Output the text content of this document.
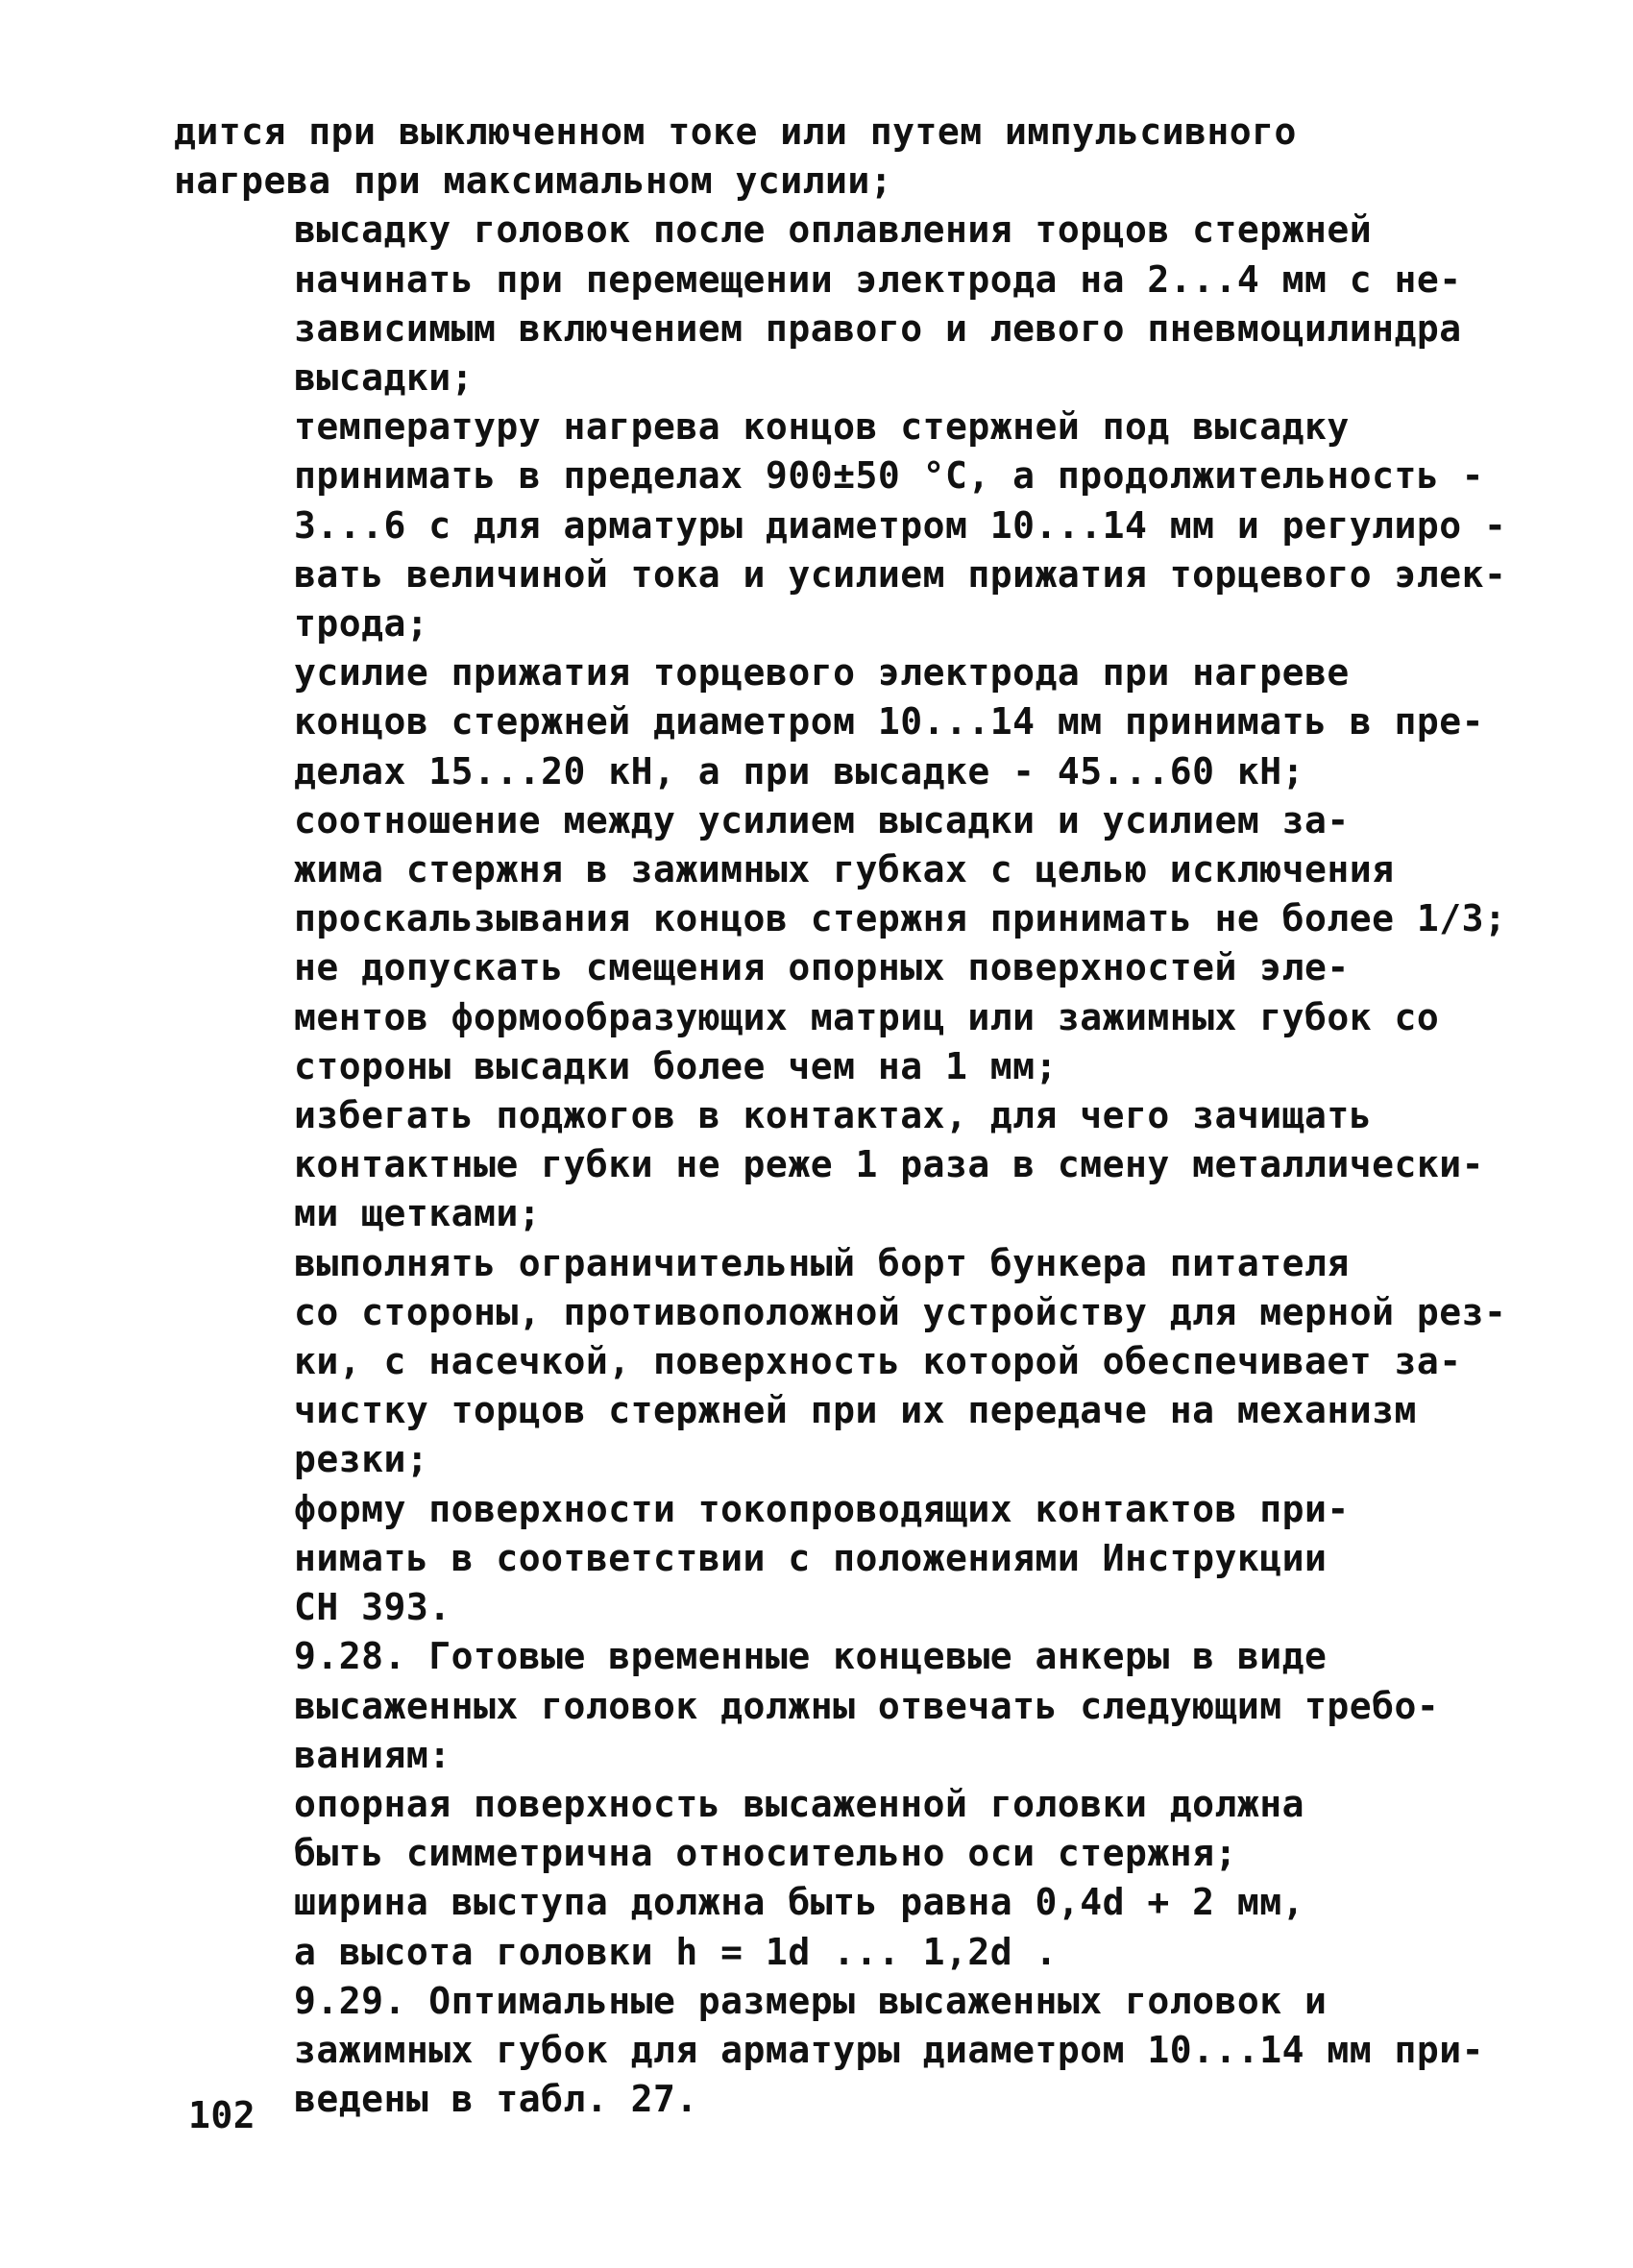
дится при выключенном токе или путем импульсивного
нагрева при максимальном усилии;

высадку головок после оплавления торцов стержней
начинать при перемещении электрода на 2...4 мм с не-
зависимым включением правого и левого пневмоцилиндра
высадки;

температуру нагрева концов стержней под высадку
принимать в пределах 900±50 °С, а продолжительность -
3...6 с для арматуры диаметром 10...14 мм и регулиро -
вать величиной тока и усилием прижатия торцевого элек-
трода;

усилие прижатия торцевого электрода при нагреве
концов стержней диаметром 10...14 мм принимать в пре-
делах 15...20 кН, а при высадке - 45...60 кН;

соотношение между усилием высадки и усилием за-
жима стержня в зажимных губках с целью исключения
проскальзывания концов стержня принимать не более 1/3;

не допускать смещения опорных поверхностей эле-
ментов формообразующих матриц или зажимных губок со
стороны высадки более чем на 1 мм;

избегать поджогов в контактах, для чего зачищать
контактные губки не реже 1 раза в смену металлически-
ми щетками;

выполнять ограничительный борт бункера питателя
со стороны, противоположной устройству для мерной рез-
ки, с насечкой, поверхность которой обеспечивает за-
чистку торцов стержней при их передаче на механизм
резки;

форму поверхности токопроводящих контактов при-
нимать в соответствии с положениями Инструкции
СН 393.

9.28. Готовые временные концевые анкеры в виде
высаженных головок должны отвечать следующим требо-
ваниям:

опорная поверхность высаженной головки должна
быть симметрична относительно оси стержня;

ширина выступа должна быть равна 0,4d + 2 мм,
а высота головки h = 1d ... 1,2d .

9.29. Оптимальные размеры высаженных головок и
зажимных губок для арматуры диаметром 10...14 мм при-
ведены в табл. 27.

102
